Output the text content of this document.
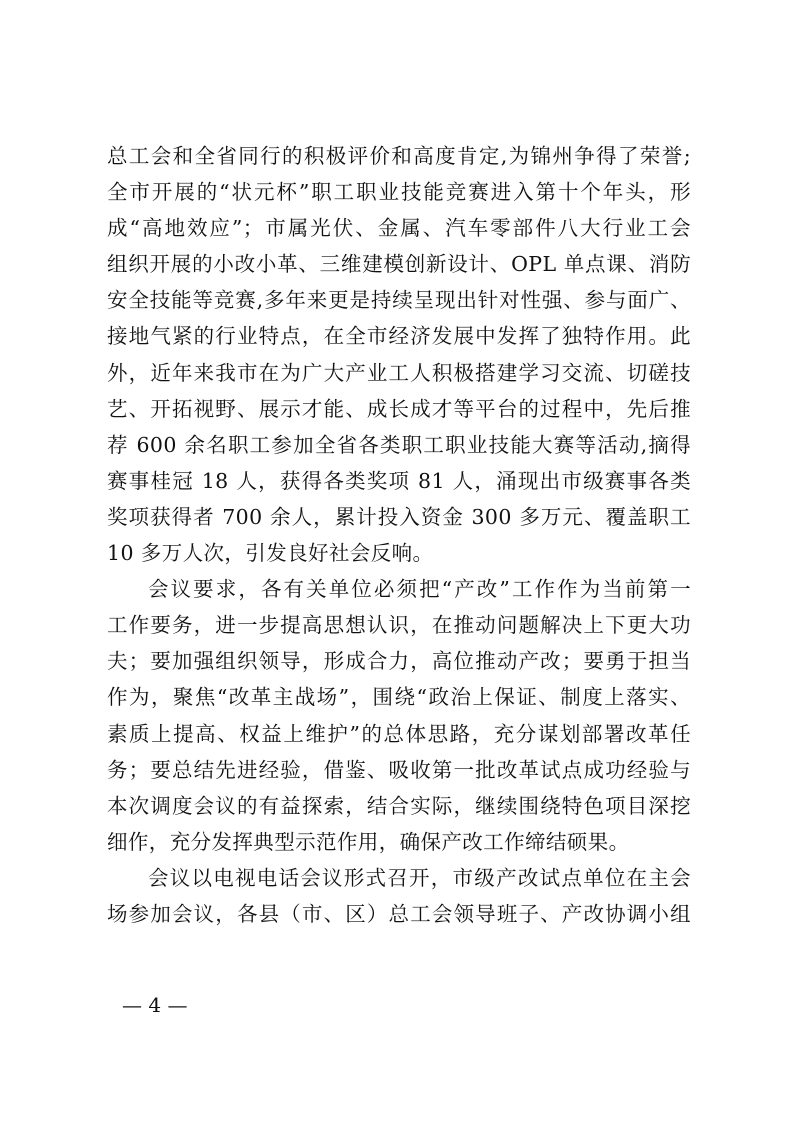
总工会和全省同行的积极评价和高度肯定,为锦州争得了荣誉;
全市开展的“状元杯”职工职业技能竞赛进入第十个年头，形
成“高地效应”；市属光伏、金属、汽车零部件八大行业工会
组织开展的小改小革、三维建模创新设计、OPL 单点课、消防
安全技能等竞赛,多年来更是持续呈现出针对性强、参与面广、
接地气紧的行业特点，在全市经济发展中发挥了独特作用。此
外，近年来我市在为广大产业工人积极搭建学习交流、切磋技
艺、开拓视野、展示才能、成长成才等平台的过程中，先后推
荐 600 余名职工参加全省各类职工职业技能大赛等活动,摘得
赛事桂冠 18 人，获得各类奖项 81 人，涌现出市级赛事各类
奖项获得者 700 余人，累计投入资金 300 多万元、覆盖职工
10 多万人次，引发良好社会反响。
会议要求，各有关单位必须把“产改”工作作为当前第一
工作要务，进一步提高思想认识，在推动问题解决上下更大功
夫；要加强组织领导，形成合力，高位推动产改；要勇于担当
作为，聚焦“改革主战场”，围绕“政治上保证、制度上落实、
素质上提高、权益上维护”的总体思路，充分谋划部署改革任
务；要总结先进经验，借鉴、吸收第一批改革试点成功经验与
本次调度会议的有益探索，结合实际，继续围绕特色项目深挖
细作，充分发挥典型示范作用，确保产改工作缔结硕果。
会议以电视电话会议形式召开，市级产改试点单位在主会
场参加会议，各县（市、区）总工会领导班子、产改协调小组
— 4 —
